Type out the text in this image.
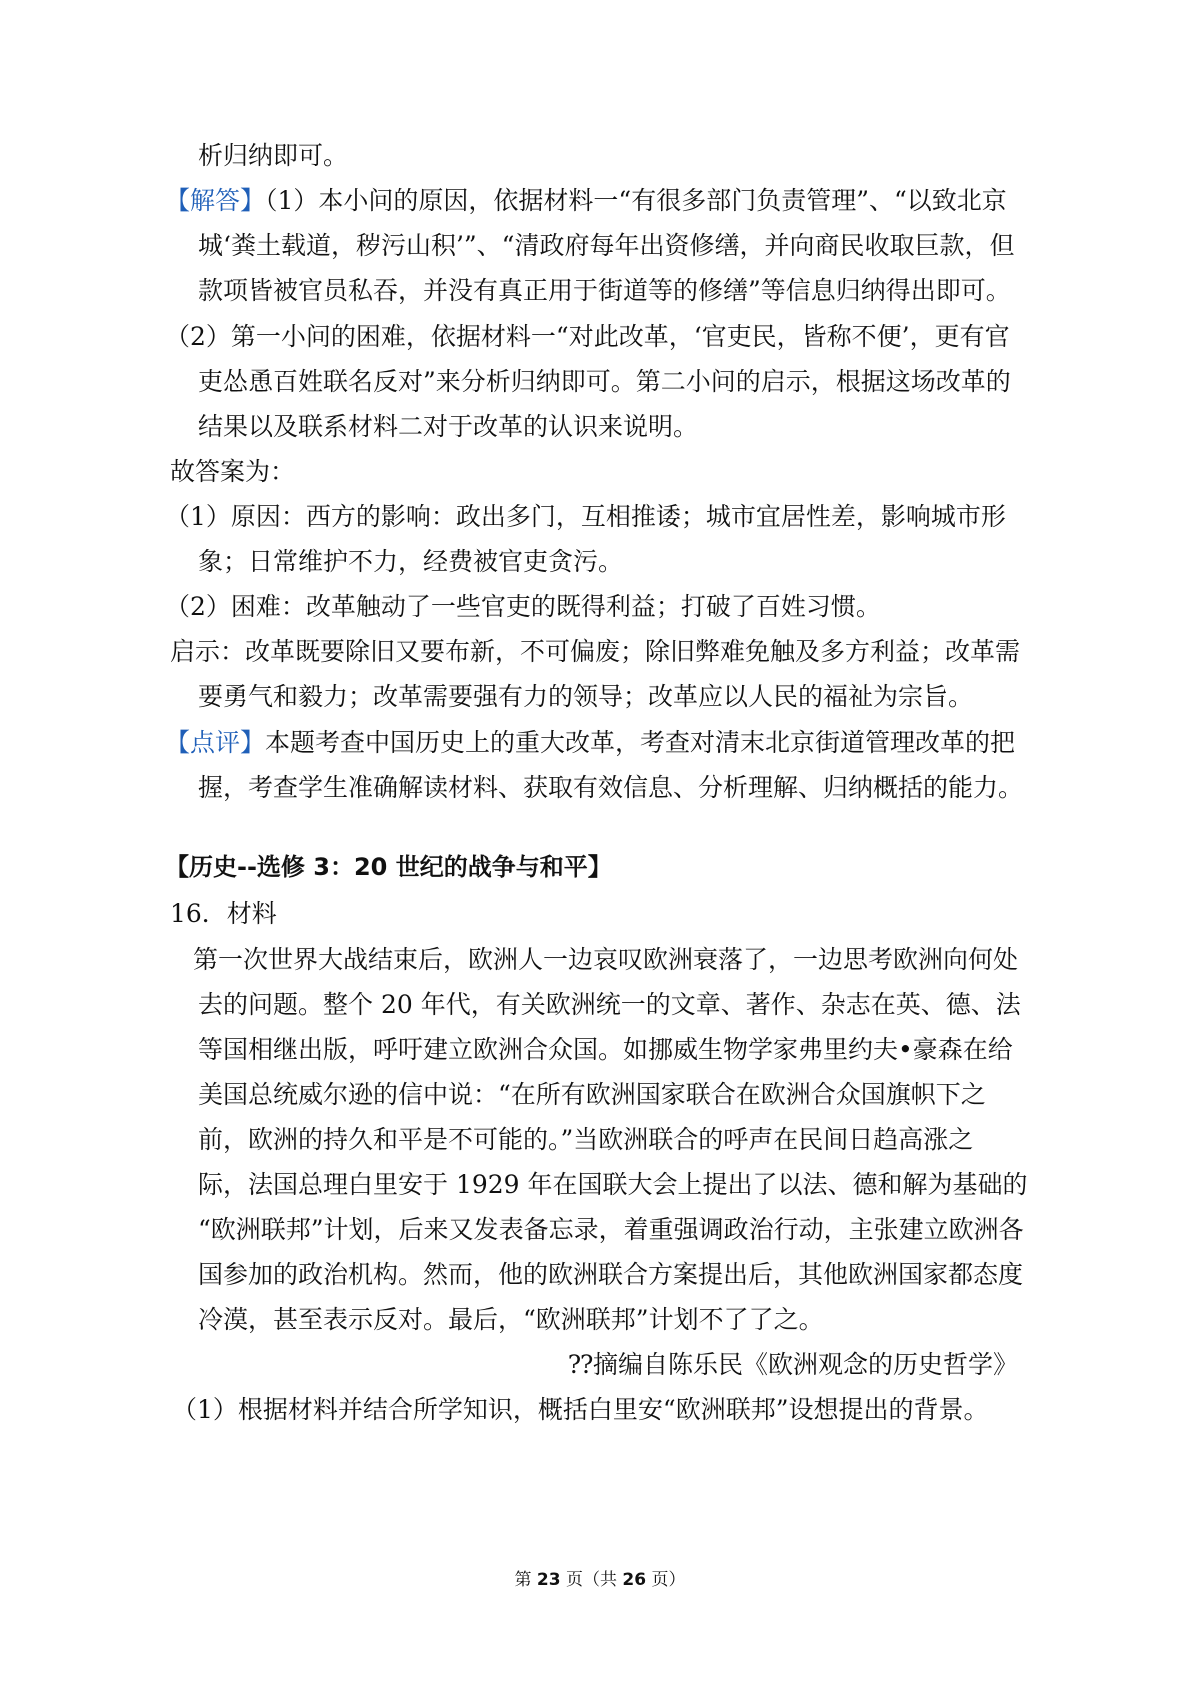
析归纳即可。
【解答】（1）本小问的原因，依据材料一“有很多部门负责管理”、“以致北京
城‘粪土载道，秽污山积’”、“清政府每年出资修缮，并向商民收取巨款，但
款项皆被官员私吞，并没有真正用于街道等的修缮”等信息归纳得出即可。
（2）第一小问的困难，依据材料一“对此改革，‘官吏民，皆称不便’，更有官
吏怂恿百姓联名反对”来分析归纳即可。第二小问的启示，根据这场改革的
结果以及联系材料二对于改革的认识来说明。
故答案为：
（1）原因：西方的影响：政出多门，互相推诿；城市宜居性差，影响城市形
象；日常维护不力，经费被官吏贪污。
（2）困难：改革触动了一些官吏的既得利益；打破了百姓习惯。
启示：改革既要除旧又要布新，不可偏废；除旧弊难免触及多方利益；改革需
要勇气和毅力；改革需要强有力的领导；改革应以人民的福祉为宗旨。
【点评】本题考查中国历史上的重大改革，考查对清末北京街道管理改革的把
握，考查学生准确解读材料、获取有效信息、分析理解、归纳概括的能力。
【历史--选修 3：20 世纪的战争与和平】
16．材料
第一次世界大战结束后，欧洲人一边哀叹欧洲衰落了，一边思考欧洲向何处
去的问题。整个 20 年代，有关欧洲统一的文章、著作、杂志在英、德、法
等国相继出版，呼吁建立欧洲合众国。如挪威生物学家弗里约夫•豪森在给
美国总统威尔逊的信中说：“在所有欧洲国家联合在欧洲合众国旗帜下之
前，欧洲的持久和平是不可能的。”当欧洲联合的呼声在民间日趋高涨之
际，法国总理白里安于 1929 年在国联大会上提出了以法、德和解为基础的
“欧洲联邦”计划，后来又发表备忘录，着重强调政治行动，主张建立欧洲各
国参加的政治机构。然而，他的欧洲联合方案提出后，其他欧洲国家都态度
冷漠，甚至表示反对。最后，“欧洲联邦”计划不了了之。
⁇摘编自陈乐民《欧洲观念的历史哲学》
（1）根据材料并结合所学知识，概括白里安“欧洲联邦”设想提出的背景。
第 23 页（共 26 页）
